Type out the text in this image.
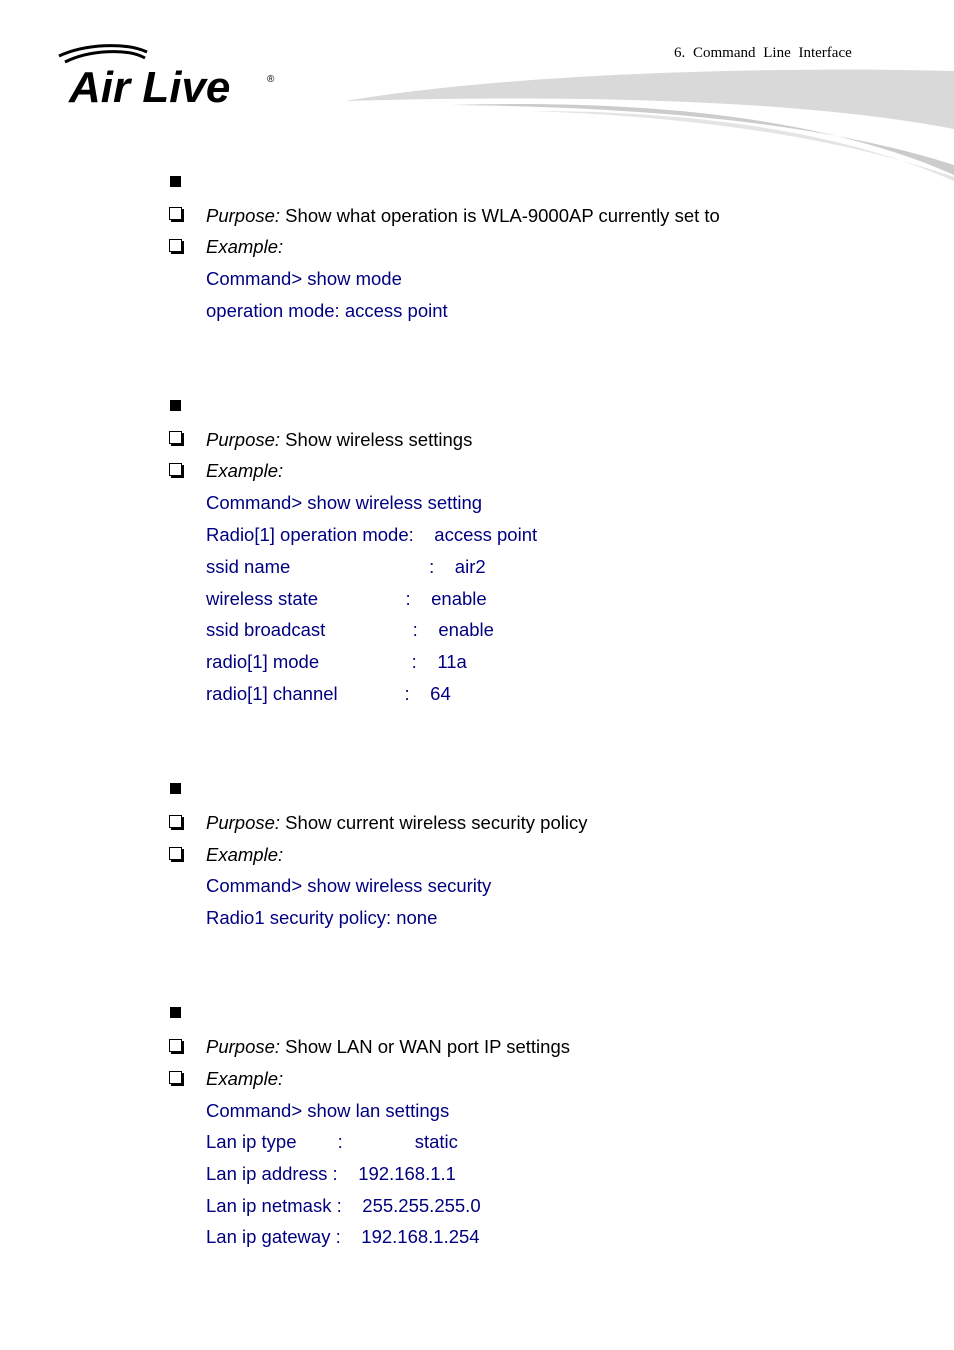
6. Command Line Interface
Air Live	®
Purpose: Show what operation is WLA-9000AP currently set to
Example:
Command> show mode
operation mode: access point
Purpose: Show wireless settings
Example:
Command> show wireless setting
Radio[1] operation mode:    access point
ssid name                           :    air2
wireless state                 :    enable
ssid broadcast                 :    enable
radio[1] mode                  :    11a
radio[1] channel             :    64
Purpose: Show current wireless security policy
Example:
Command> show wireless security
Radio1 security policy: none
Purpose: Show LAN or WAN port IP settings
Example:
Command> show lan settings
Lan ip type        :              static
Lan ip address :    192.168.1.1
Lan ip netmask :    255.255.255.0
Lan ip gateway :    192.168.1.254
